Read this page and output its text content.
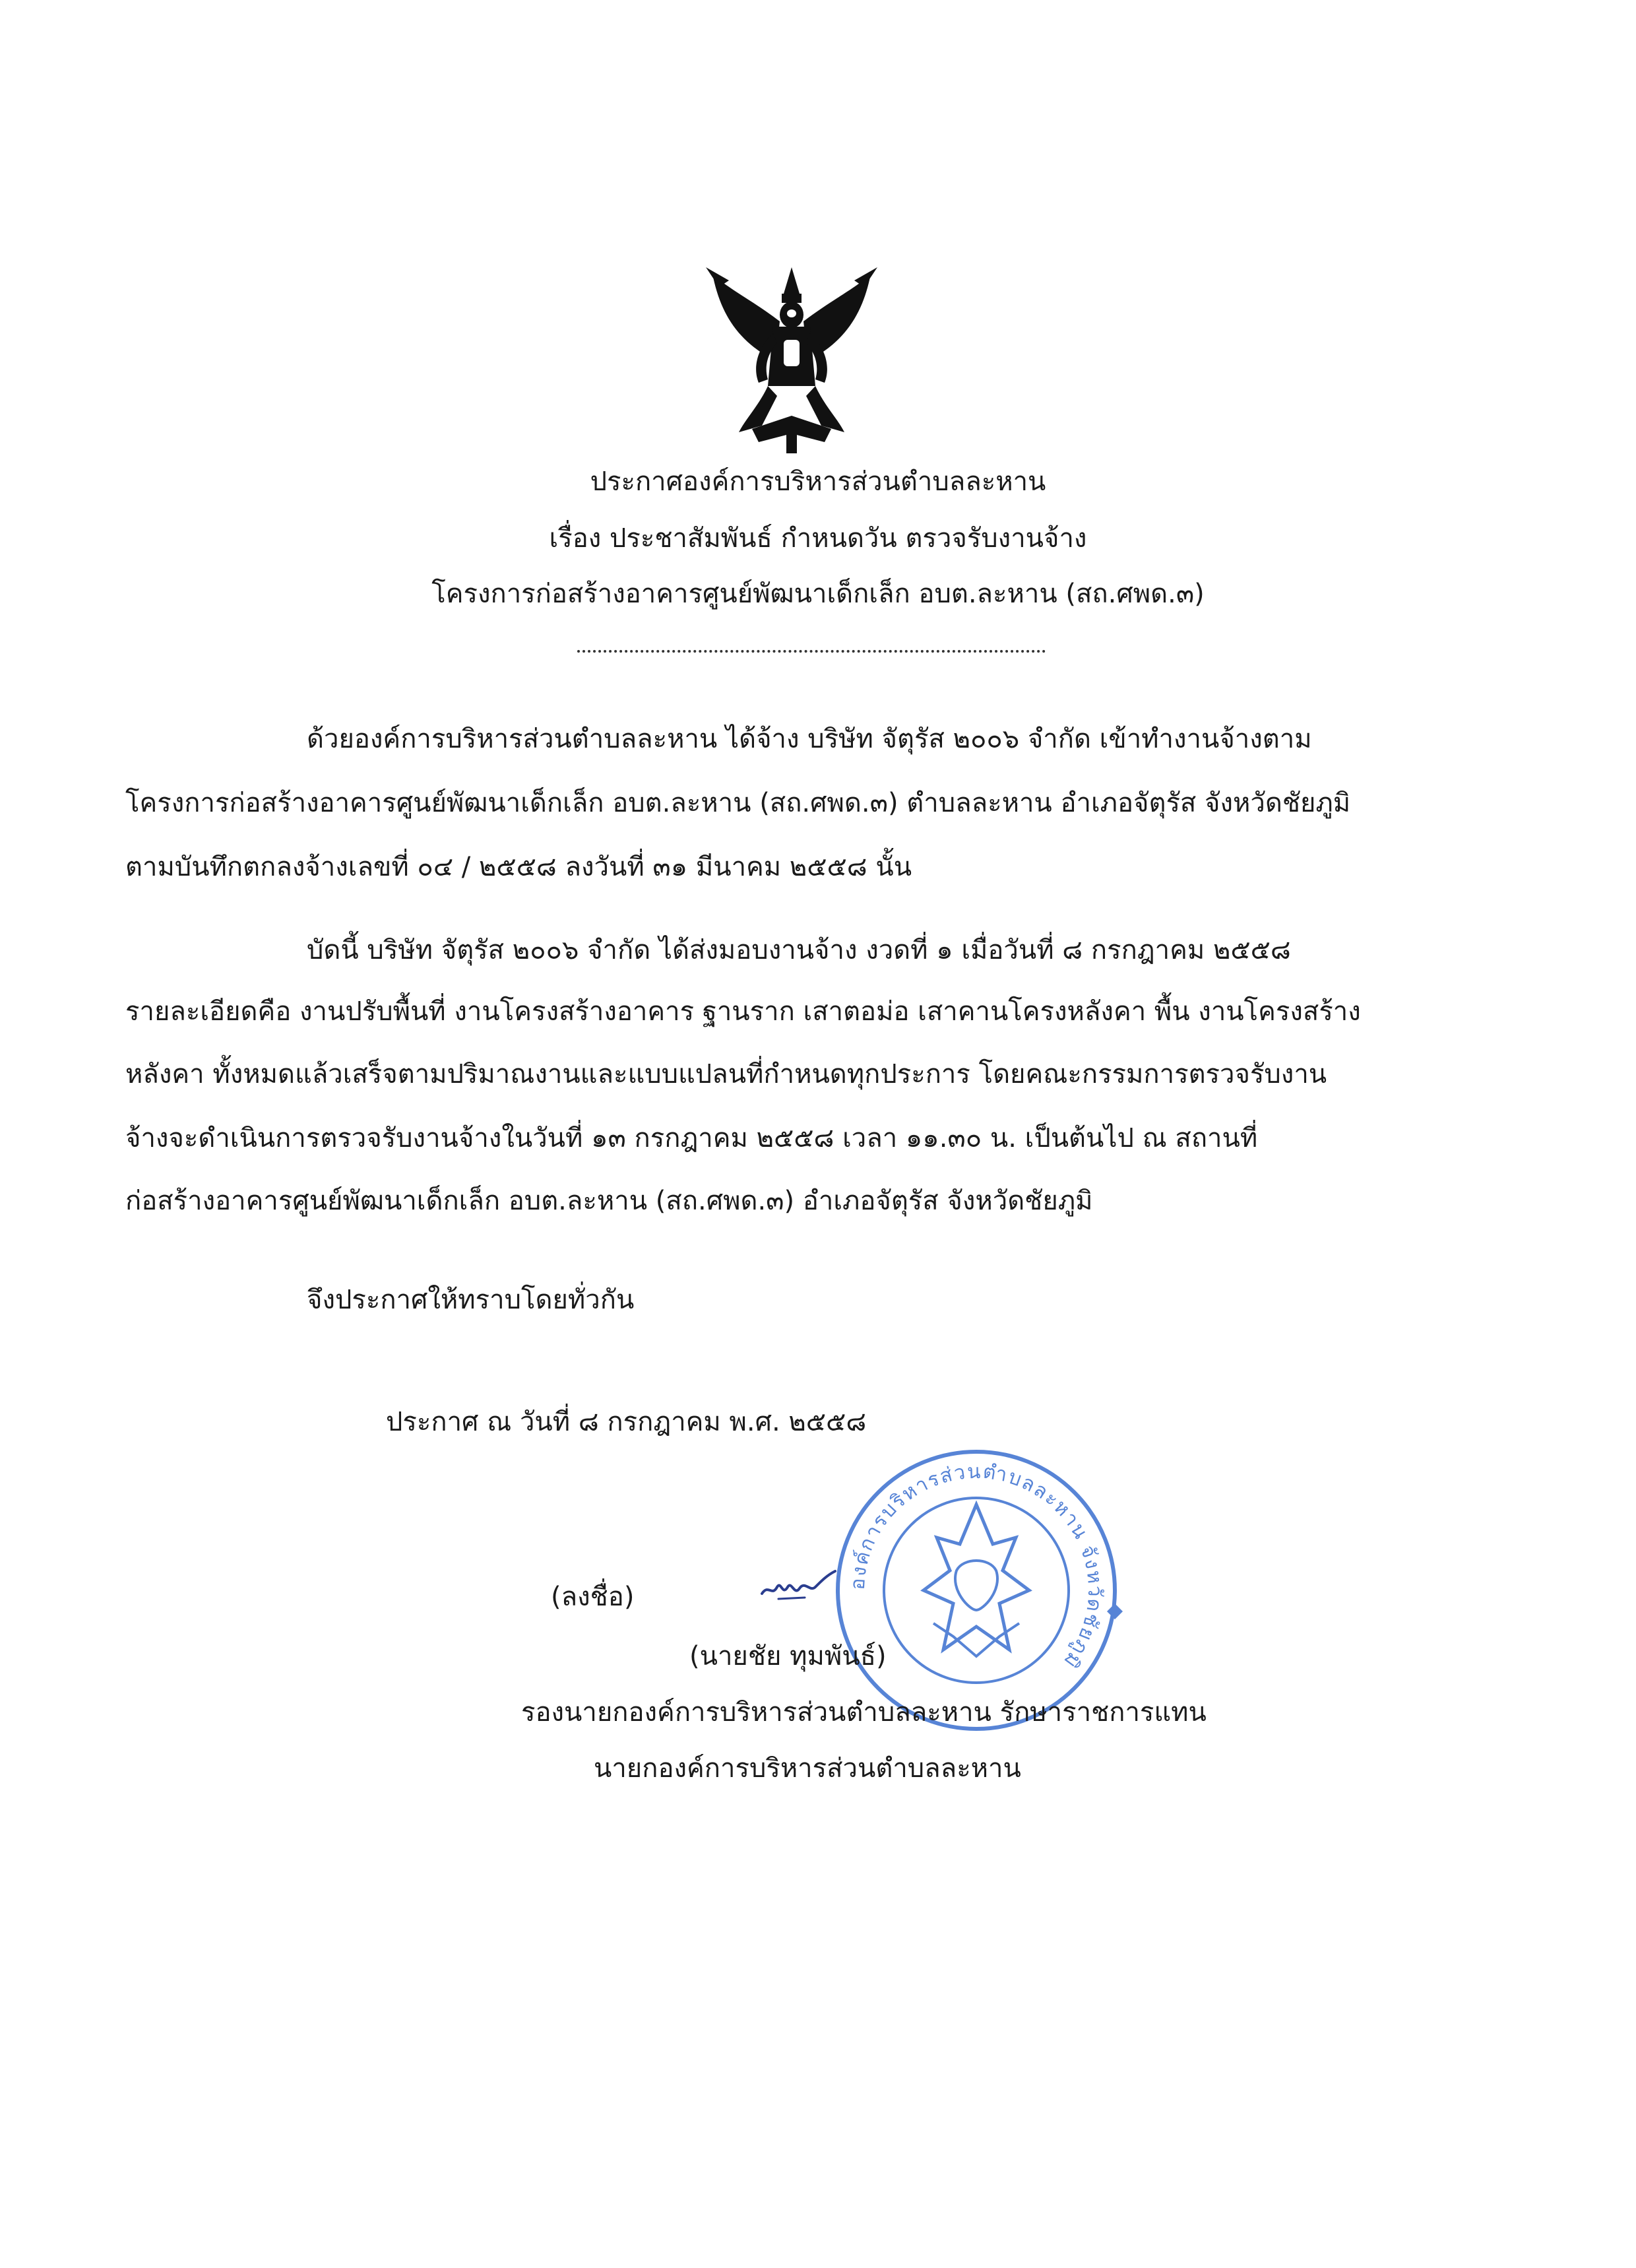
ประกาศองค์การบริหารส่วนตำบลละหาน
เรื่อง ประชาสัมพันธ์ กำหนดวัน ตรวจรับงานจ้าง
โครงการก่อสร้างอาคารศูนย์พัฒนาเด็กเล็ก อบต.ละหาน (สถ.ศพด.๓)
ด้วยองค์การบริหารส่วนตำบลละหาน ได้จ้าง บริษัท จัตุรัส ๒๐๐๖ จำกัด เข้าทำงานจ้างตาม
โครงการก่อสร้างอาคารศูนย์พัฒนาเด็กเล็ก อบต.ละหาน (สถ.ศพด.๓) ตำบลละหาน อำเภอจัตุรัส จังหวัดชัยภูมิ
ตามบันทึกตกลงจ้างเลขที่ ๐๔ / ๒๕๕๘ ลงวันที่ ๓๑ มีนาคม ๒๕๕๘ นั้น
บัดนี้ บริษัท จัตุรัส ๒๐๐๖ จำกัด ได้ส่งมอบงานจ้าง งวดที่ ๑ เมื่อวันที่ ๘ กรกฎาคม ๒๕๕๘
รายละเอียดคือ งานปรับพื้นที่ งานโครงสร้างอาคาร ฐานราก เสาตอม่อ เสาคานโครงหลังคา พื้น งานโครงสร้าง
หลังคา ทั้งหมดแล้วเสร็จตามปริมาณงานและแบบแปลนที่กำหนดทุกประการ โดยคณะกรรมการตรวจรับงาน
จ้างจะดำเนินการตรวจรับงานจ้างในวันที่ ๑๓ กรกฎาคม ๒๕๕๘ เวลา ๑๑.๓๐ น. เป็นต้นไป ณ สถานที่
ก่อสร้างอาคารศูนย์พัฒนาเด็กเล็ก อบต.ละหาน (สถ.ศพด.๓) อำเภอจัตุรัส จังหวัดชัยภูมิ
จึงประกาศให้ทราบโดยทั่วกัน
ประกาศ ณ วันที่ ๘ กรกฎาคม พ.ศ. ๒๕๕๘
องค์การบริหารส่วนตำบลละหาน จังหวัดชัยภูมิ
(ลงชื่อ)
(นายชัย ทุมพันธ์)
รองนายกองค์การบริหารส่วนตำบลละหาน รักษาราชการแทน
นายกองค์การบริหารส่วนตำบลละหาน
